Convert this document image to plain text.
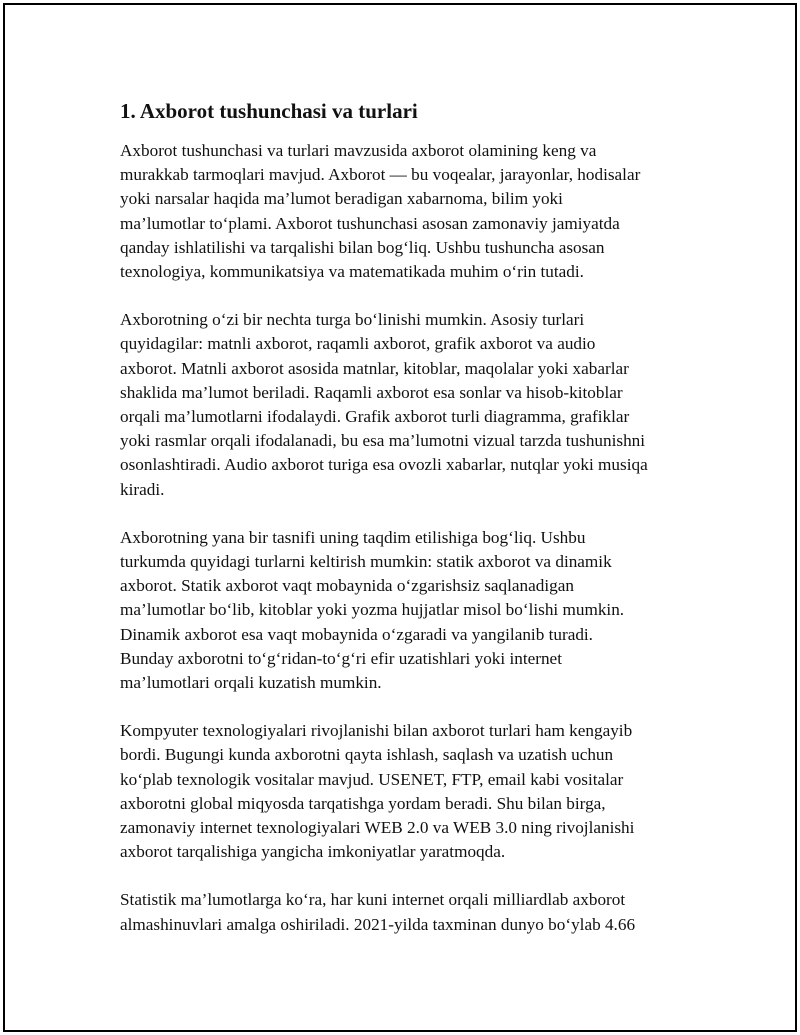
1. Axborot tushunchasi va turlari

Axborot tushunchasi va turlari mavzusida axborot olamining keng va
murakkab tarmoqlari mavjud. Axborot — bu voqealar, jarayonlar, hodisalar
yoki narsalar haqida ma’lumot beradigan xabarnoma, bilim yoki
ma’lumotlar to‘plami. Axborot tushunchasi asosan zamonaviy jamiyatda
qanday ishlatilishi va tarqalishi bilan bog‘liq. Ushbu tushuncha asosan
texnologiya, kommunikatsiya va matematikada muhim o‘rin tutadi.

Axborotning o‘zi bir nechta turga bo‘linishi mumkin. Asosiy turlari
quyidagilar: matnli axborot, raqamli axborot, grafik axborot va audio
axborot. Matnli axborot asosida matnlar, kitoblar, maqolalar yoki xabarlar
shaklida ma’lumot beriladi. Raqamli axborot esa sonlar va hisob-kitoblar
orqali ma’lumotlarni ifodalaydi. Grafik axborot turli diagramma, grafiklar
yoki rasmlar orqali ifodalanadi, bu esa ma’lumotni vizual tarzda tushunishni
osonlashtiradi. Audio axborot turiga esa ovozli xabarlar, nutqlar yoki musiqa
kiradi.

Axborotning yana bir tasnifi uning taqdim etilishiga bog‘liq. Ushbu
turkumda quyidagi turlarni keltirish mumkin: statik axborot va dinamik
axborot. Statik axborot vaqt mobaynida o‘zgarishsiz saqlanadigan
ma’lumotlar bo‘lib, kitoblar yoki yozma hujjatlar misol bo‘lishi mumkin.
Dinamik axborot esa vaqt mobaynida o‘zgaradi va yangilanib turadi.
Bunday axborotni to‘g‘ridan-to‘g‘ri efir uzatishlari yoki internet
ma’lumotlari orqali kuzatish mumkin.

Kompyuter texnologiyalari rivojlanishi bilan axborot turlari ham kengayib
bordi. Bugungi kunda axborotni qayta ishlash, saqlash va uzatish uchun
ko‘plab texnologik vositalar mavjud. USENET, FTP, email kabi vositalar
axborotni global miqyosda tarqatishga yordam beradi. Shu bilan birga,
zamonaviy internet texnologiyalari WEB 2.0 va WEB 3.0 ning rivojlanishi
axborot tarqalishiga yangicha imkoniyatlar yaratmoqda.

Statistik ma’lumotlarga ko‘ra, har kuni internet orqali milliardlab axborot
almashinuvlari amalga oshiriladi. 2021-yilda taxminan dunyo bo‘ylab 4.66
